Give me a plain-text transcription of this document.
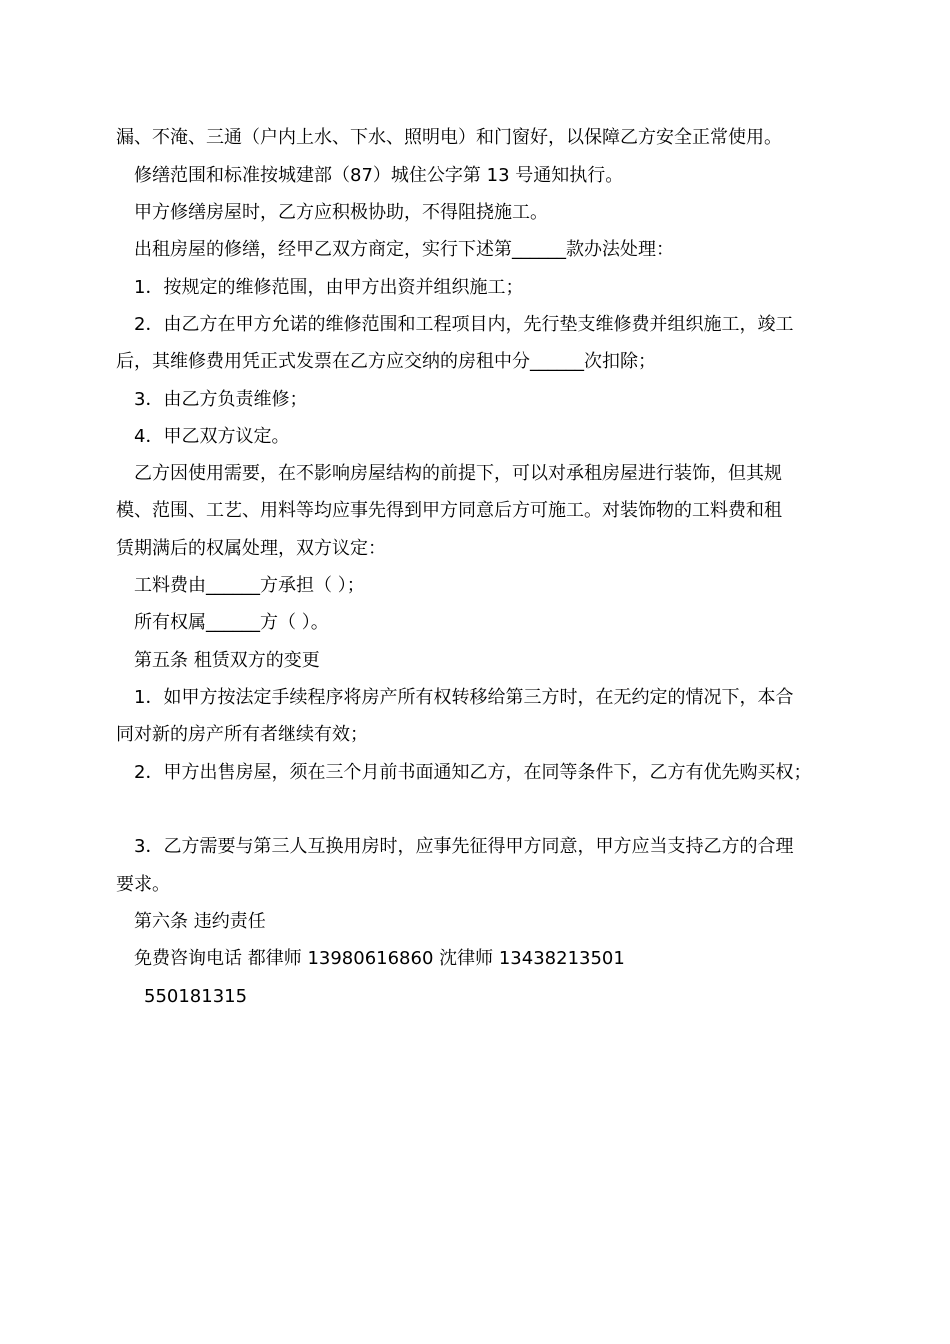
漏、不淹、三通（户内上水、下水、照明电）和门窗好，以保障乙方安全正常使用。
修缮范围和标准按城建部（87）城住公字第 13 号通知执行。
甲方修缮房屋时，乙方应积极协助，不得阻挠施工。
出租房屋的修缮，经甲乙双方商定，实行下述第______款办法处理：
1．按规定的维修范围，由甲方出资并组织施工；
2．由乙方在甲方允诺的维修范围和工程项目内，先行垫支维修费并组织施工，竣工
后，其维修费用凭正式发票在乙方应交纳的房租中分______次扣除；
3．由乙方负责维修；
4．甲乙双方议定。
乙方因使用需要，在不影响房屋结构的前提下，可以对承租房屋进行装饰，但其规
模、范围、工艺、用料等均应事先得到甲方同意后方可施工。对装饰物的工料费和租
赁期满后的权属处理，双方议定：
工料费由______方承担（ ）；
所有权属______方（ ）。
第五条 租赁双方的变更
1．如甲方按法定手续程序将房产所有权转移给第三方时，在无约定的情况下，本合
同对新的房产所有者继续有效；
2．甲方出售房屋，须在三个月前书面通知乙方，在同等条件下，乙方有优先购买权；
3．乙方需要与第三人互换用房时，应事先征得甲方同意，甲方应当支持乙方的合理
要求。
第六条 违约责任
免费咨询电话 都律师 13980616860 沈律师 13438213501
550181315
